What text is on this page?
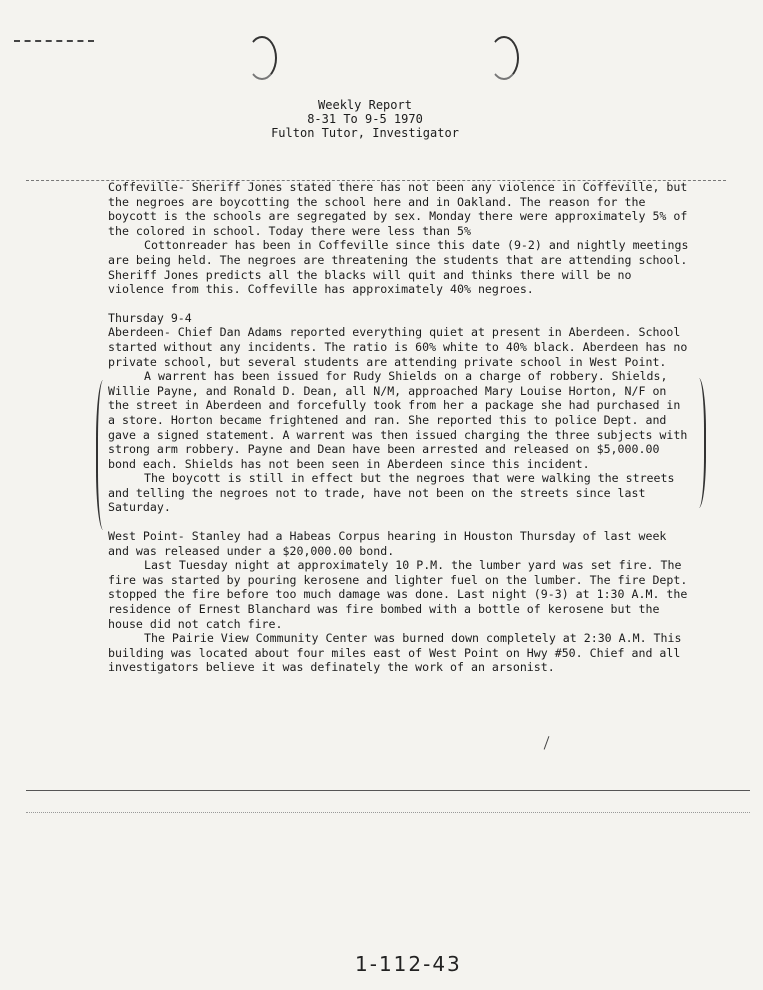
Weekly Report
8-31 To 9-5 1970
Fulton Tutor, Investigator

Coffeville- Sheriff Jones stated there has not been any violence in Coffeville, but the negroes are boycotting the school here and in Oakland. The reason for the boycott is the schools are segregated by sex. Monday there were approximately 5% of the colored in school. Today there were less than 5%

Cottonreader has been in Coffeville since this date (9-2) and nightly meetings are being held. The negroes are threatening the students that are attending school. Sheriff Jones predicts all the blacks will quit and thinks there will be no violence from this. Coffeville has approximately 40% negroes.

Thursday 9-4

Aberdeen- Chief Dan Adams reported everything quiet at present in Aberdeen. School started without any incidents. The ratio is 60% white to 40% black. Aberdeen has no private school, but several students are attending private school in West Point.

A warrent has been issued for Rudy Shields on a charge of robbery. Shields, Willie Payne, and Ronald D. Dean, all N/M, approached Mary Louise Horton, N/F on the street in Aberdeen and forcefully took from her a package she had purchased in a store. Horton became frightened and ran. She reported this to police Dept. and gave a signed statement. A warrent was then issued charging the three subjects with strong arm robbery. Payne and Dean have been arrested and released on $5,000.00 bond each. Shields has not been seen in Aberdeen since this incident.

The boycott is still in effect but the negroes that were walking the streets and telling the negroes not to trade, have not been on the streets since last Saturday.

West Point- Stanley had a Habeas Corpus hearing in Houston Thursday of last week and was released under a $20,000.00 bond.

Last Tuesday night at approximately 10 P.M. the lumber yard was set fire. The fire was started by pouring kerosene and lighter fuel on the lumber. The fire Dept. stopped the fire before too much damage was done. Last night (9-3) at 1:30 A.M. the residence of Ernest Blanchard was fire bombed with a bottle of kerosene but the house did not catch fire.

The Pairie View Community Center was burned down completely at 2:30 A.M. This building was located about four miles east of West Point on Hwy #50. Chief and all investigators believe it was definately the work of an arsonist.

1-112-43
